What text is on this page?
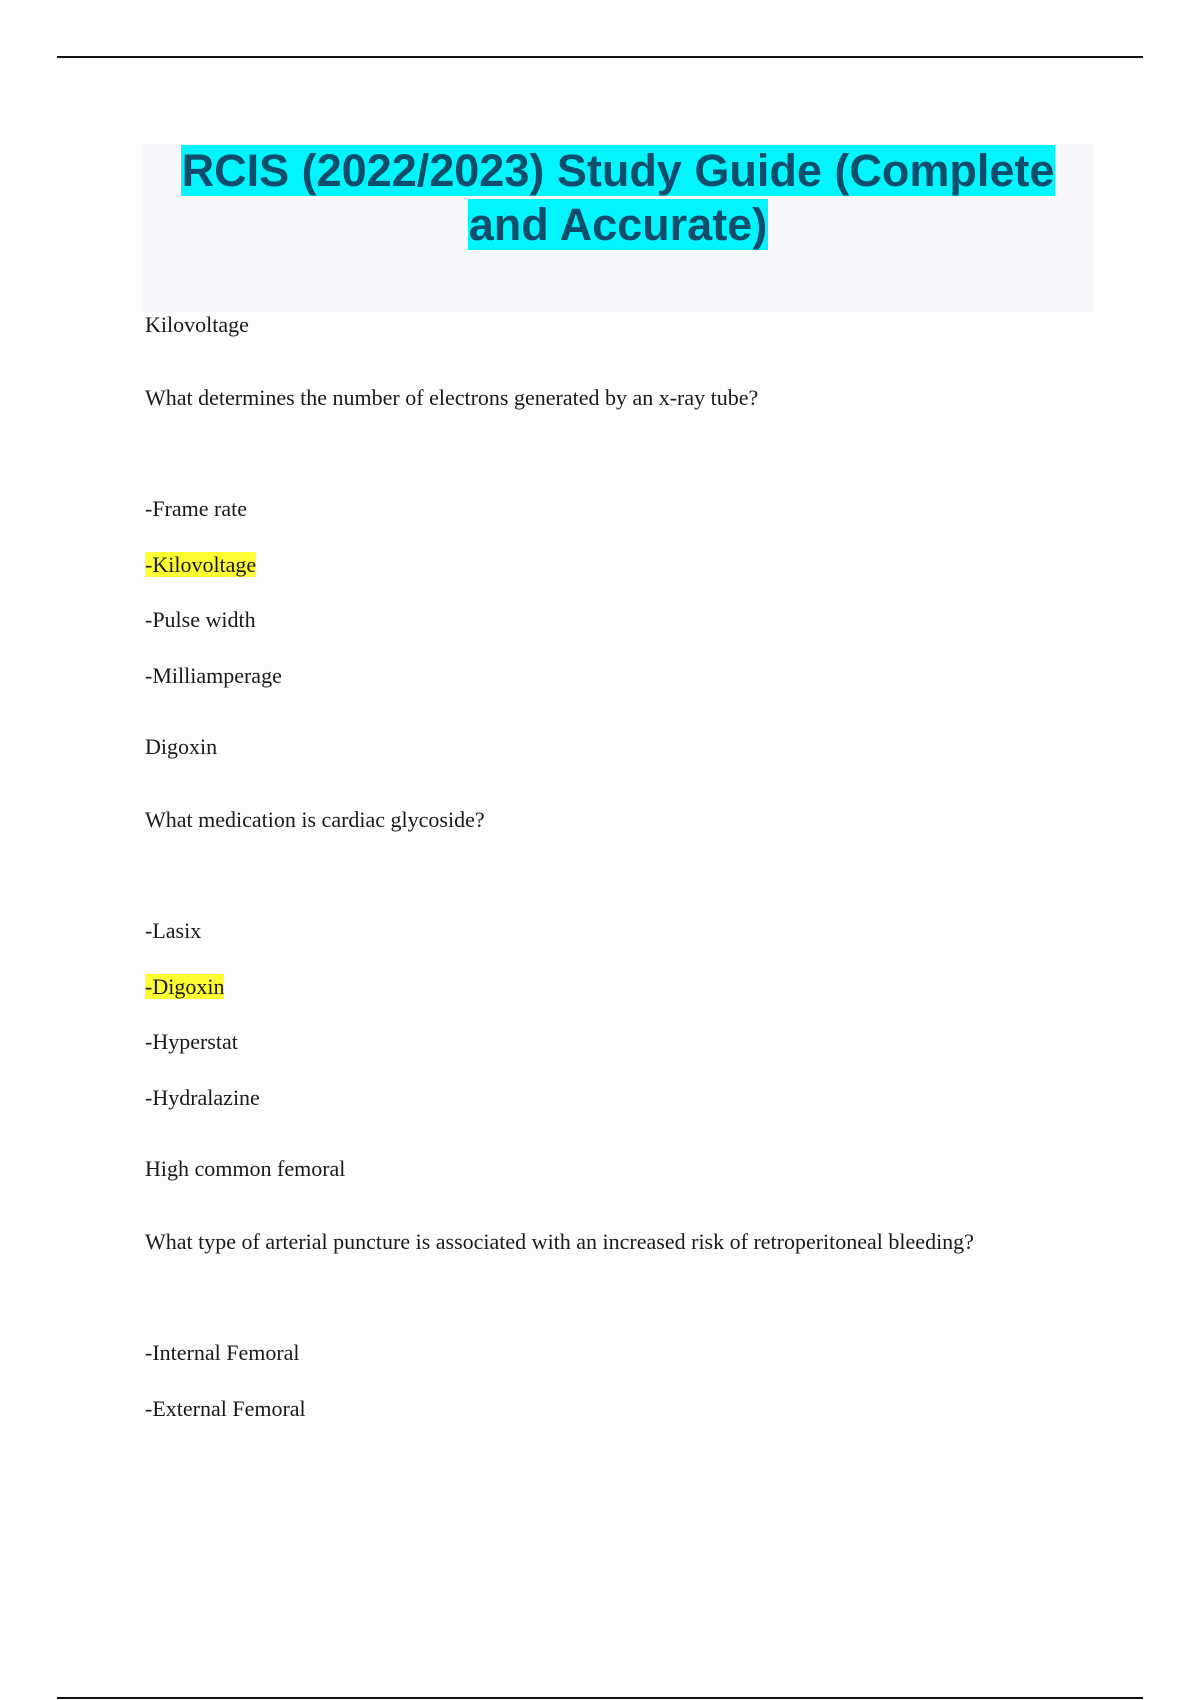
RCIS (2022/2023) Study Guide (Complete and Accurate)

Kilovoltage

What determines the number of electrons generated by an x-ray tube?

-Frame rate

-Kilovoltage

-Pulse width

-Milliamperage

Digoxin

What medication is cardiac glycoside?

-Lasix

-Digoxin

-Hyperstat

-Hydralazine

High common femoral

What type of arterial puncture is associated with an increased risk of retroperitoneal bleeding?

-Internal Femoral

-External Femoral
